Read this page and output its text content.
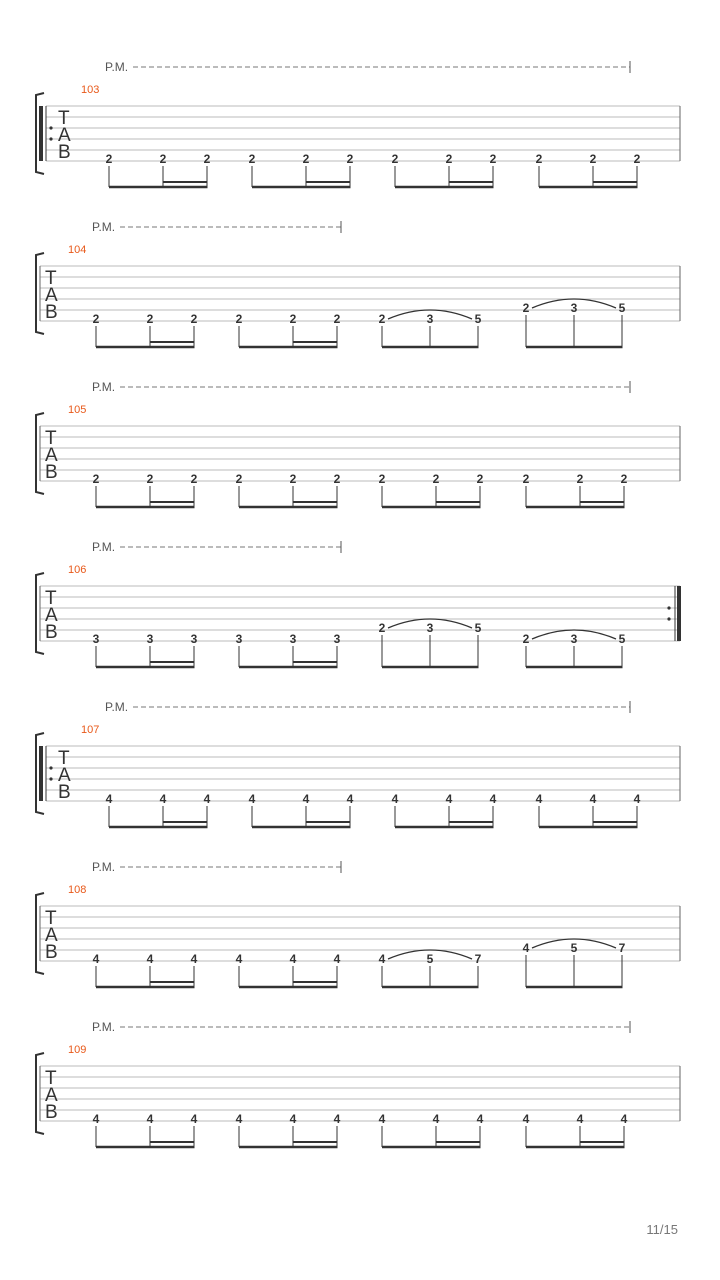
P.M.
103
T
A
B	2	2	2	2	2	2	2	2	2	2	2	2
P.M.
104
T
A
B	2	2	2	2	2	2	2	3	5
2	3	5
P.M.
105
T
A
B	2	2	2	2	2	2	2	2	2	2	2	2
P.M.
106
T
A
B	3	3	3	3	3	3
2	3	5
2	3	5
P.M.
107
T
A
B	4	4	4	4	4	4	4	4	4	4	4	4
P.M.
108
T
A
B	4	4	4	4	4	4	4	5	7
4	5	7
P.M.
109
T
A
B	4	4	4	4	4	4	4	4	4	4	4	4
11/15
